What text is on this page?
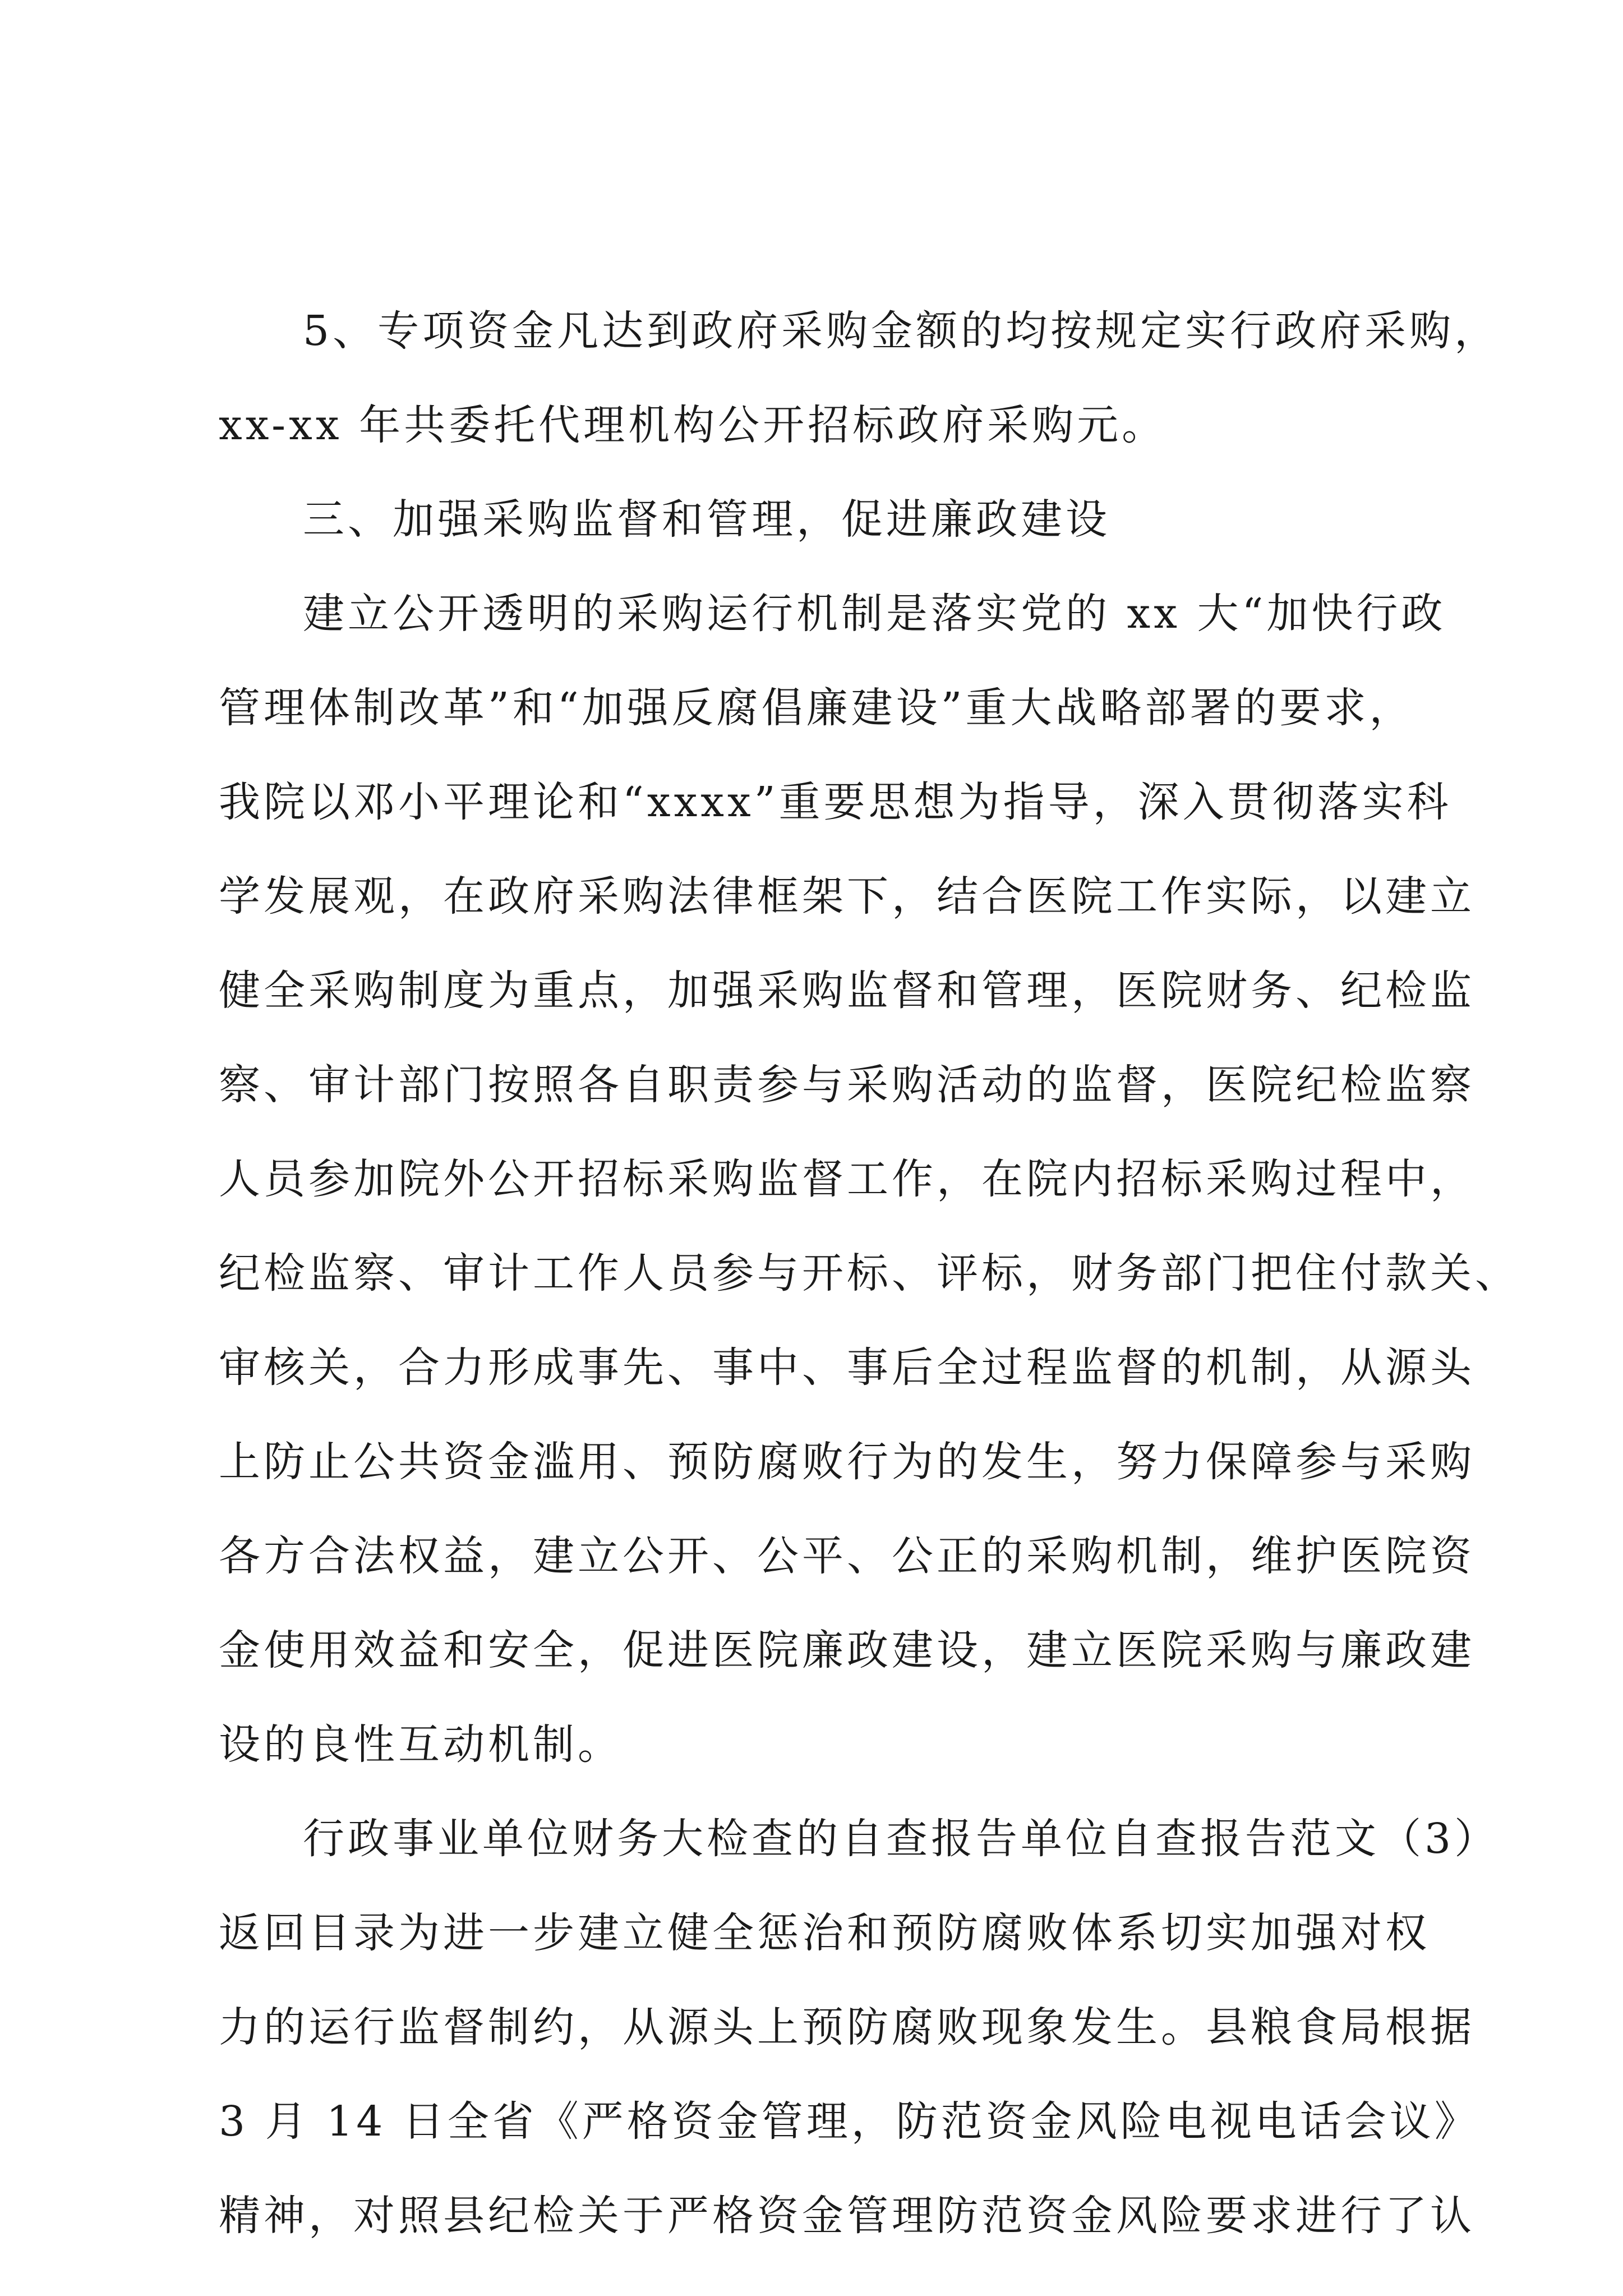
5、专项资金凡达到政府采购金额的均按规定实行政府采购，
xx-xx 年共委托代理机构公开招标政府采购元。
三、加强采购监督和管理，促进廉政建设
建立公开透明的采购运行机制是落实党的 xx 大“加快行政
管理体制改革”和“加强反腐倡廉建设”重大战略部署的要求，
我院以邓小平理论和“xxxx”重要思想为指导，深入贯彻落实科
学发展观，在政府采购法律框架下，结合医院工作实际，以建立
健全采购制度为重点，加强采购监督和管理，医院财务、纪检监
察、审计部门按照各自职责参与采购活动的监督，医院纪检监察
人员参加院外公开招标采购监督工作，在院内招标采购过程中，
纪检监察、审计工作人员参与开标、评标，财务部门把住付款关、
审核关，合力形成事先、事中、事后全过程监督的机制，从源头
上防止公共资金滥用、预防腐败行为的发生，努力保障参与采购
各方合法权益，建立公开、公平、公正的采购机制，维护医院资
金使用效益和安全，促进医院廉政建设，建立医院采购与廉政建
设的良性互动机制。
行政事业单位财务大检查的自查报告单位自查报告范文（3）
返回目录为进一步建立健全惩治和预防腐败体系切实加强对权
力的运行监督制约，从源头上预防腐败现象发生。县粮食局根据
3 月 14 日全省《严格资金管理，防范资金风险电视电话会议》
精神，对照县纪检关于严格资金管理防范资金风险要求进行了认
